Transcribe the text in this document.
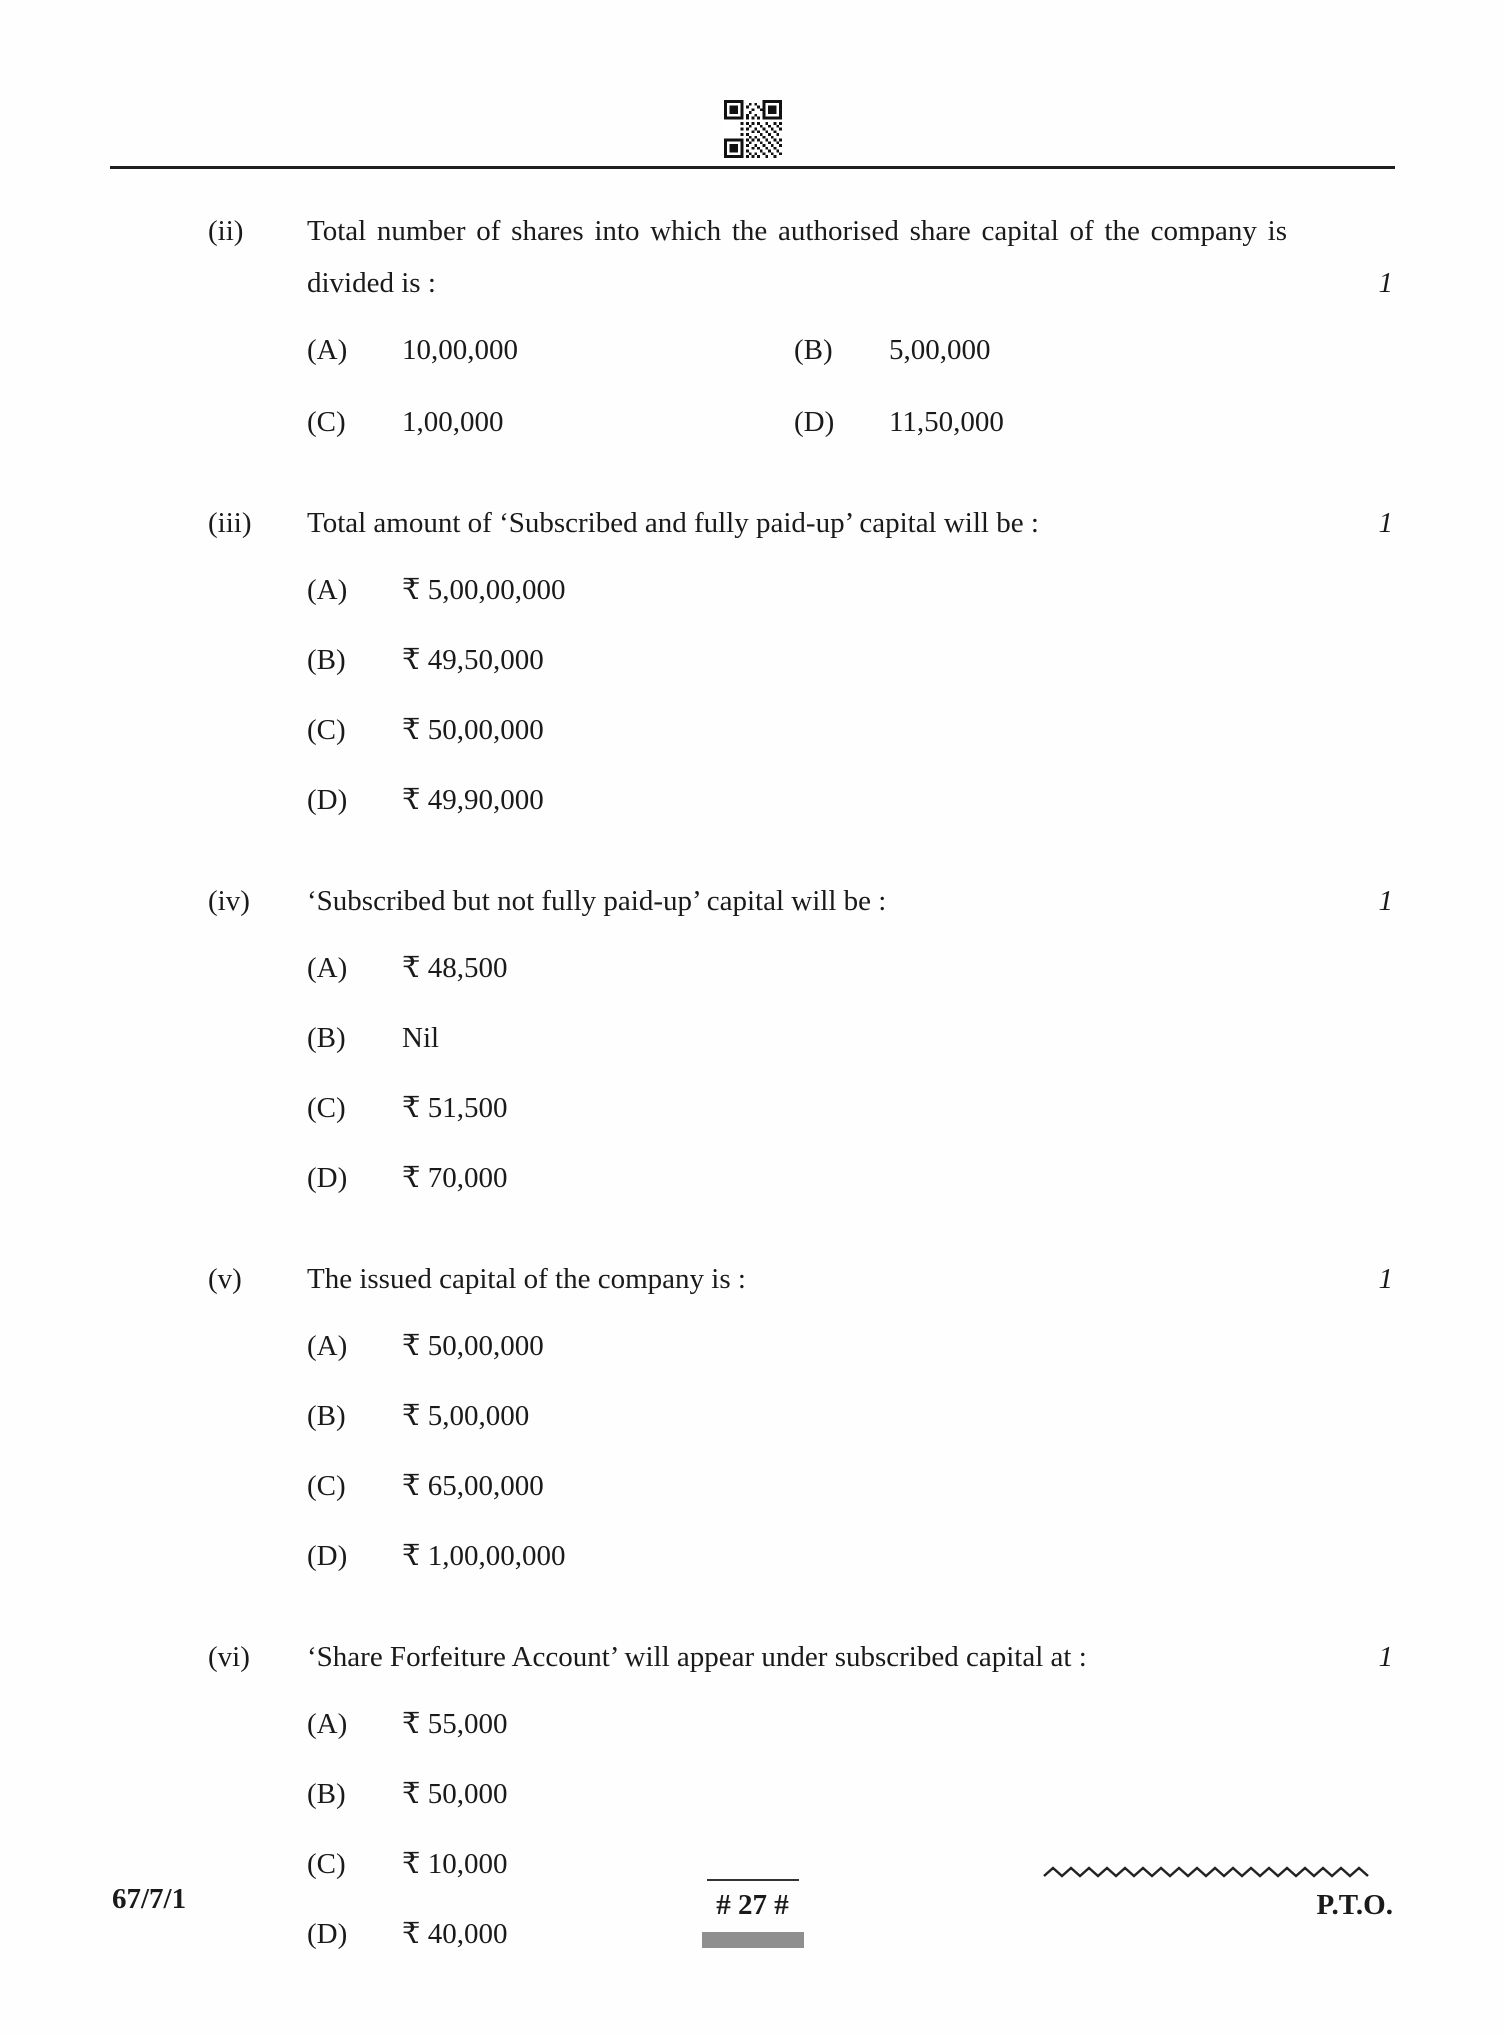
(ii)	Total number of shares into which the authorised share capital of the company is divided is :	1
(A)	10,00,000	(B)	5,00,000
(C)	1,00,000	(D)	11,50,000
(iii)	Total amount of ‘Subscribed and fully paid-up’ capital will be :	1
(A)	₹ 5,00,00,000
(B)	₹ 49,50,000
(C)	₹ 50,00,000
(D)	₹ 49,90,000
(iv)	‘Subscribed but not fully paid-up’ capital will be :	1
(A)	₹ 48,500
(B)	Nil
(C)	₹ 51,500
(D)	₹ 70,000
(v)	The issued capital of the company is :	1
(A)	₹ 50,00,000
(B)	₹ 5,00,000
(C)	₹ 65,00,000
(D)	₹ 1,00,00,000
(vi)	‘Share Forfeiture Account’ will appear under subscribed capital at :	1
(A)	₹ 55,000
(B)	₹ 50,000
(C)	₹ 10,000
(D)	₹ 40,000
67/7/1	# 27 #	P.T.O.
